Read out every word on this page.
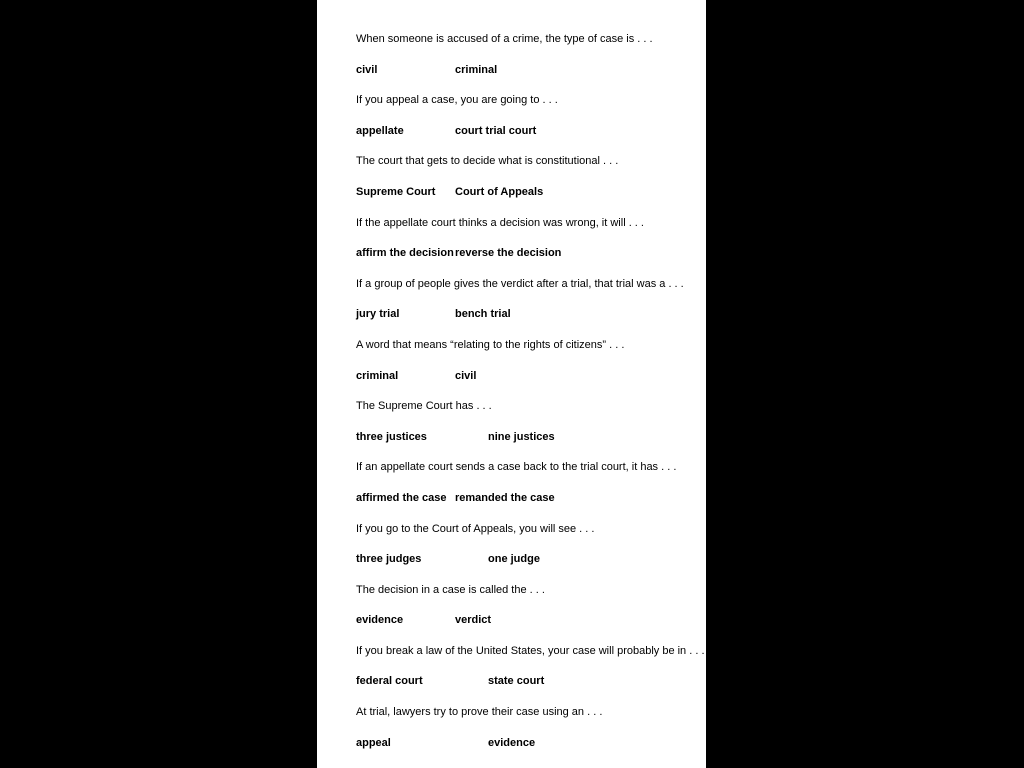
When someone is accused of a crime, the type of case is . . .
civil	criminal
If you appeal a case, you are going to . . .
appellate	court trial court
The court that gets to decide what is constitutional . . .
Supreme Court Court of Appeals
If the appellate court thinks a decision was wrong, it will . . .
affirm the decision reverse the decision
If a group of people gives the verdict after a trial, that trial was a . . .
jury trial	bench trial
A word that means “relating to the rights of citizens” . . .
criminal	civil
The Supreme Court has . . .
three justices	nine justices
If an appellate court sends a case back to the trial court, it has . . .
affirmed the case remanded the case
If you go to the Court of Appeals, you will see . . .
three judges	one judge
The decision in a case is called the . . .
evidence	verdict
If you break a law of the United States, your case will probably be in . . .
federal court	state court
At trial, lawyers try to prove their case using an . . .
appeal	evidence
